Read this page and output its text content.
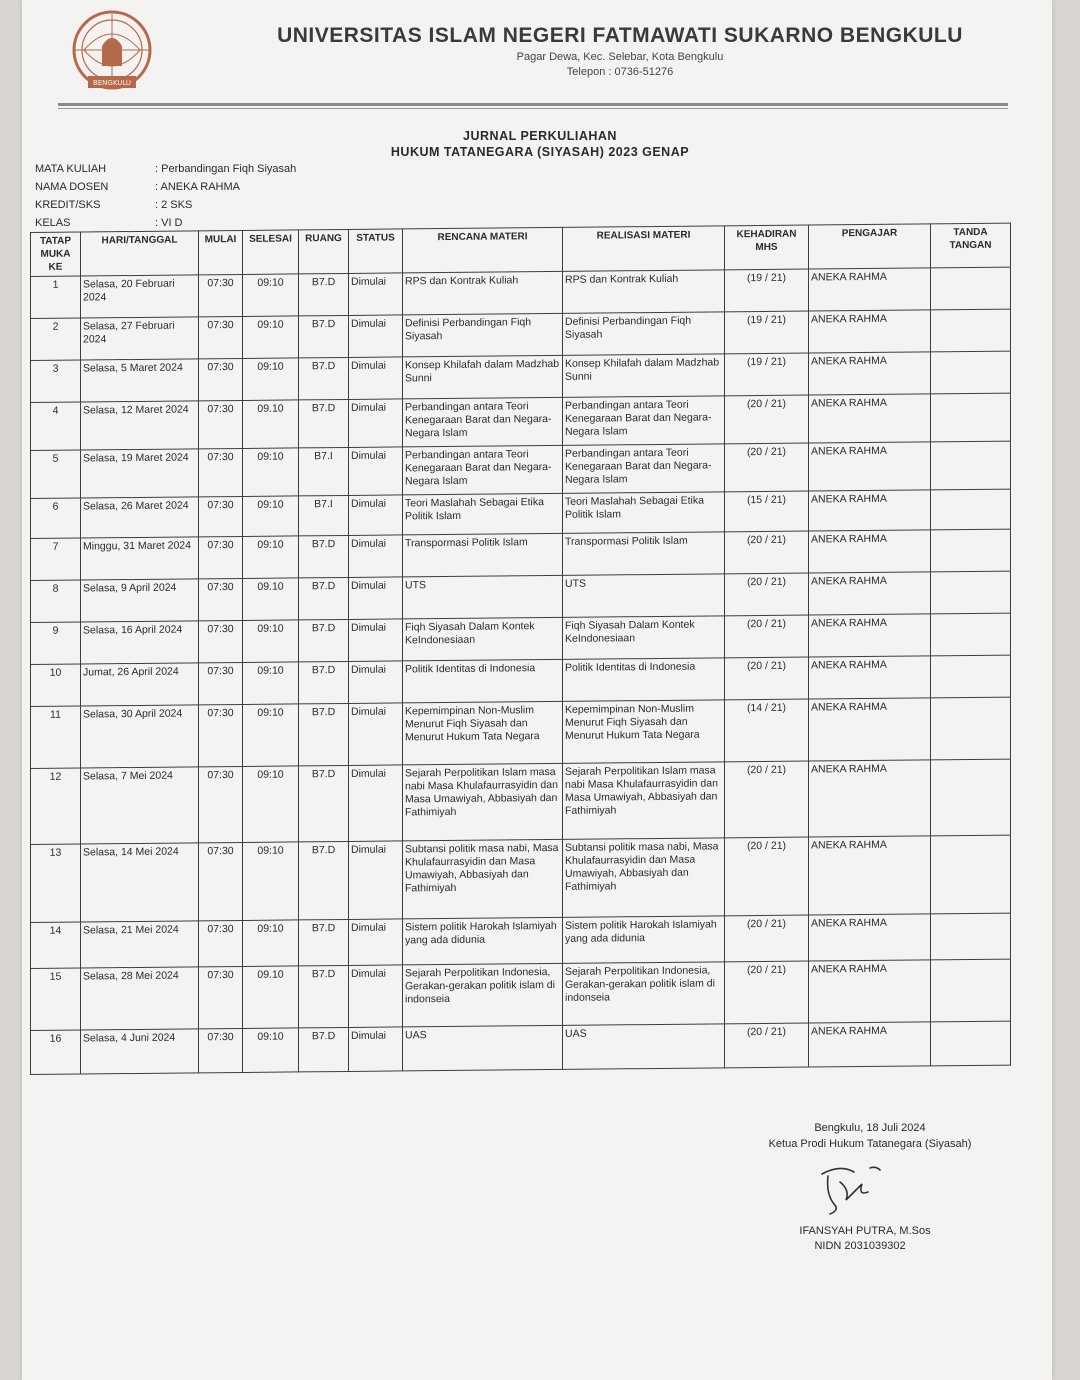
BENGKULU
UNIVERSITAS ISLAM NEGERI FATMAWATI SUKARNO BENGKULU
Pagar Dewa, Kec. Selebar, Kota Bengkulu
Telepon : 0736-51276
JURNAL PERKULIAHAN
HUKUM TATANEGARA (SIYASAH) 2023 GENAP
MATA KULIAH	: Perbandingan Fiqh Siyasah
NAMA DOSEN	: ANEKA RAHMA
KREDIT/SKS	: 2 SKS
KELAS	: VI D
TATAP MUKA KE	HARI/TANGGAL	MULAI	SELESAI	RUANG	STATUS	RENCANA MATERI	REALISASI MATERI	KEHADIRAN MHS	PENGAJAR	TANDA TANGAN
1	Selasa, 20 Februari 2024	07:30	09:10	B7.D	Dimulai	RPS dan Kontrak Kuliah	RPS dan Kontrak Kuliah	(19 / 21)	ANEKA RAHMA	
2	Selasa, 27 Februari 2024	07:30	09:10	B7.D	Dimulai	Definisi Perbandingan Fiqh Siyasah	Definisi Perbandingan Fiqh Siyasah	(19 / 21)	ANEKA RAHMA	
3	Selasa, 5 Maret 2024	07:30	09:10	B7.D	Dimulai	Konsep Khilafah dalam Madzhab Sunni	Konsep Khilafah dalam Madzhab Sunni	(19 / 21)	ANEKA RAHMA	
4	Selasa, 12 Maret 2024	07:30	09.10	B7.D	Dimulai	Perbandingan antara Teori Kenegaraan Barat dan Negara-Negara Islam	Perbandingan antara Teori Kenegaraan Barat dan Negara-Negara Islam	(20 / 21)	ANEKA RAHMA	
5	Selasa, 19 Maret 2024	07:30	09:10	B7.I	Dimulai	Perbandingan antara Teori Kenegaraan Barat dan Negara-Negara Islam	Perbandingan antara Teori Kenegaraan Barat dan Negara-Negara Islam	(20 / 21)	ANEKA RAHMA	
6	Selasa, 26 Maret 2024	07:30	09:10	B7.I	Dimulai	Teori Maslahah Sebagai Etika Politik Islam	Teori Maslahah Sebagai Etika Politik Islam	(15 / 21)	ANEKA RAHMA	
7	Minggu, 31 Maret 2024	07:30	09:10	B7.D	Dimulai	Transpormasi Politik Islam	Transpormasi Politik Islam	(20 / 21)	ANEKA RAHMA	
8	Selasa, 9 April 2024	07:30	09.10	B7.D	Dimulai	UTS	UTS	(20 / 21)	ANEKA RAHMA	
9	Selasa, 16 April 2024	07:30	09:10	B7.D	Dimulai	Fiqh Siyasah Dalam Kontek KeIndonesiaan	Fiqh Siyasah Dalam Kontek KeIndonesiaan	(20 / 21)	ANEKA RAHMA	
10	Jumat, 26 April 2024	07:30	09:10	B7.D	Dimulai	Politik Identitas di Indonesia	Politik Identitas di Indonesia	(20 / 21)	ANEKA RAHMA	
11	Selasa, 30 April 2024	07:30	09:10	B7.D	Dimulai	Kepemimpinan Non-Muslim Menurut Fiqh Siyasah dan Menurut Hukum Tata Negara	Kepemimpinan Non-Muslim Menurut Fiqh Siyasah dan Menurut Hukum Tata Negara	(14 / 21)	ANEKA RAHMA	
12	Selasa, 7 Mei 2024	07:30	09:10	B7.D	Dimulai	Sejarah Perpolitikan Islam masa nabi Masa Khulafaurrasyidin dan Masa Umawiyah, Abbasiyah dan Fathimiyah	Sejarah Perpolitikan Islam masa nabi Masa Khulafaurrasyidin dan Masa Umawiyah, Abbasiyah dan Fathimiyah	(20 / 21)	ANEKA RAHMA	
13	Selasa, 14 Mei 2024	07:30	09:10	B7.D	Dimulai	Subtansi politik masa nabi, Masa Khulafaurrasyidin dan Masa Umawiyah, Abbasiyah dan Fathimiyah	Subtansi politik masa nabi, Masa Khulafaurrasyidin dan Masa Umawiyah, Abbasiyah dan Fathimiyah	(20 / 21)	ANEKA RAHMA	
14	Selasa, 21 Mei 2024	07:30	09:10	B7.D	Dimulai	Sistem politik Harokah Islamiyah yang ada didunia	Sistem politik Harokah Islamiyah yang ada didunia	(20 / 21)	ANEKA RAHMA	
15	Selasa, 28 Mei 2024	07:30	09.10	B7.D	Dimulai	Sejarah Perpolitikan Indonesia, Gerakan-gerakan politik islam di indonseia	Sejarah Perpolitikan Indonesia, Gerakan-gerakan politik islam di indonseia	(20 / 21)	ANEKA RAHMA	
16	Selasa, 4 Juni 2024	07:30	09:10	B7.D	Dimulai	UAS	UAS	(20 / 21)	ANEKA RAHMA	
Bengkulu, 18 Juli 2024
Ketua Prodi Hukum Tatanegara (Siyasah)
IFANSYAH PUTRA, M.Sos
NIDN 2031039302
